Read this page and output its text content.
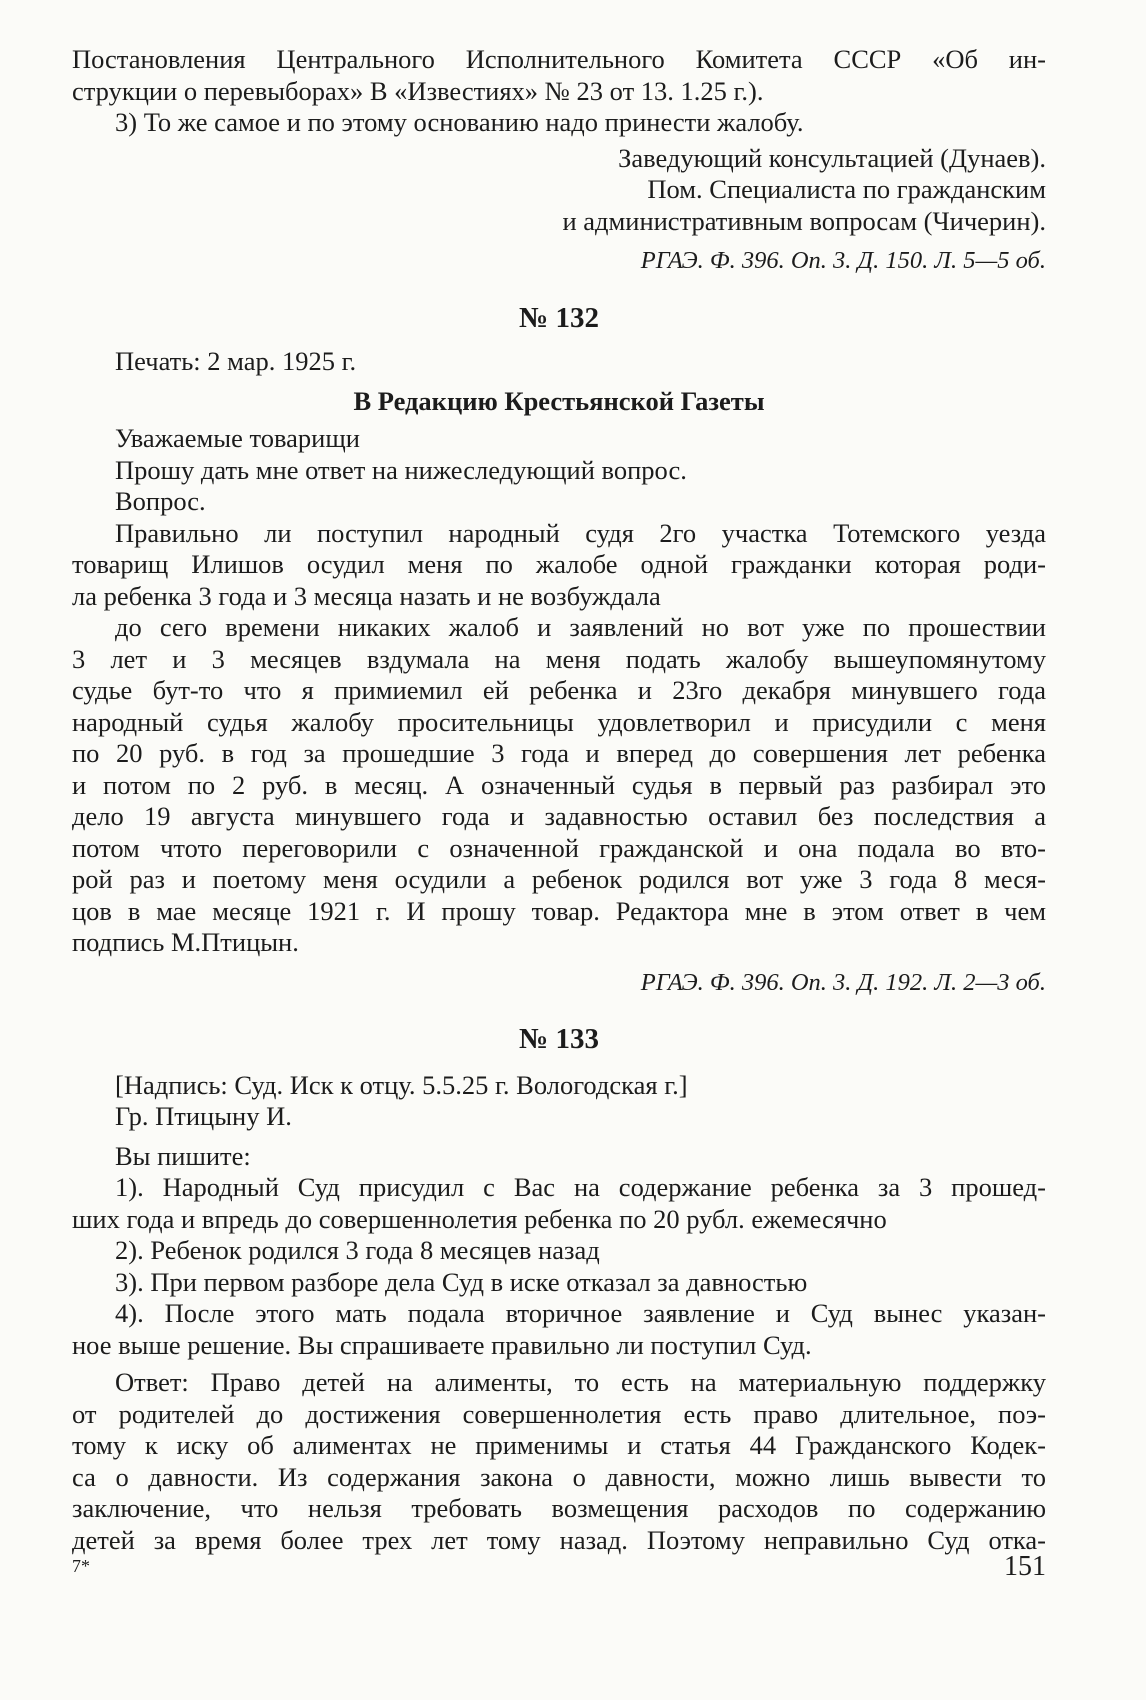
Постановления Центрального Исполнительного Комитета СССР «Об ин-

струкции о перевыборах» В «Известиях» № 23 от 13. 1.25 г.).

3) То же самое и по этому основанию надо принести жалобу.

Заведующий консультацией (Дунаев).

Пом. Специалиста по гражданским

и административным вопросам (Чичерин).

РГАЭ. Ф. 396. Оп. 3. Д. 150. Л. 5—5 об.

№ 132

Печать: 2 мар. 1925 г.

В Редакцию Крестьянской Газеты

Уважаемые товарищи

Прошу дать мне ответ на нижеследующий вопрос.

Вопрос.

Правильно ли поступил народный судя 2го участка Тотемского уезда

товарищ Илишов осудил меня по жалобе одной гражданки которая роди-

ла ребенка 3 года и 3 месяца назать и не возбуждала

до сего времени никаких жалоб и заявлений но вот уже по прошествии

3 лет и 3 месяцев вздумала на меня подать жалобу вышеупомянутому

судье бут-то что я примиемил ей ребенка и 23го декабря минувшего года

народный судья жалобу просительницы удовлетворил и присудили с меня

по 20 руб. в год за прошедшие 3 года и вперед до совершения лет ребенка

и потом по 2 руб. в месяц. А означенный судья в первый раз разбирал это

дело 19 августа минувшего года и задавностью оставил без последствия а

потом чтото переговорили с означенной гражданской и она подала во вто-

рой раз и поетому меня осудили а ребенок родился вот уже 3 года 8 меся-

цов в мае месяце 1921 г. И прошу товар. Редактора мне в этом ответ в чем

подпись М.Птицын.

РГАЭ. Ф. 396. Оп. 3. Д. 192. Л. 2—3 об.

№ 133

[Надпись: Суд. Иск к отцу. 5.5.25 г. Вологодская г.]

Гр. Птицыну И.

Вы пишите:

1). Народный Суд присудил с Вас на содержание ребенка за 3 прошед-

ших года и впредь до совершеннолетия ребенка по 20 рубл. ежемесячно

2). Ребенок родился 3 года 8 месяцев назад

3). При первом разборе дела Суд в иске отказал за давностью

4). После этого мать подала вторичное заявление и Суд вынес указан-

ное выше решение. Вы спрашиваете правильно ли поступил Суд.

Ответ: Право детей на алименты, то есть на материальную поддержку

от родителей до достижения совершеннолетия есть право длительное, поэ-

тому к иску об алиментах не применимы и статья 44 Гражданского Кодек-

са о давности. Из содержания закона о давности, можно лишь вывести то

заключение, что нельзя требовать возмещения расходов по содержанию

детей за время более трех лет тому назад. Поэтому неправильно Суд отка-

7*	151
